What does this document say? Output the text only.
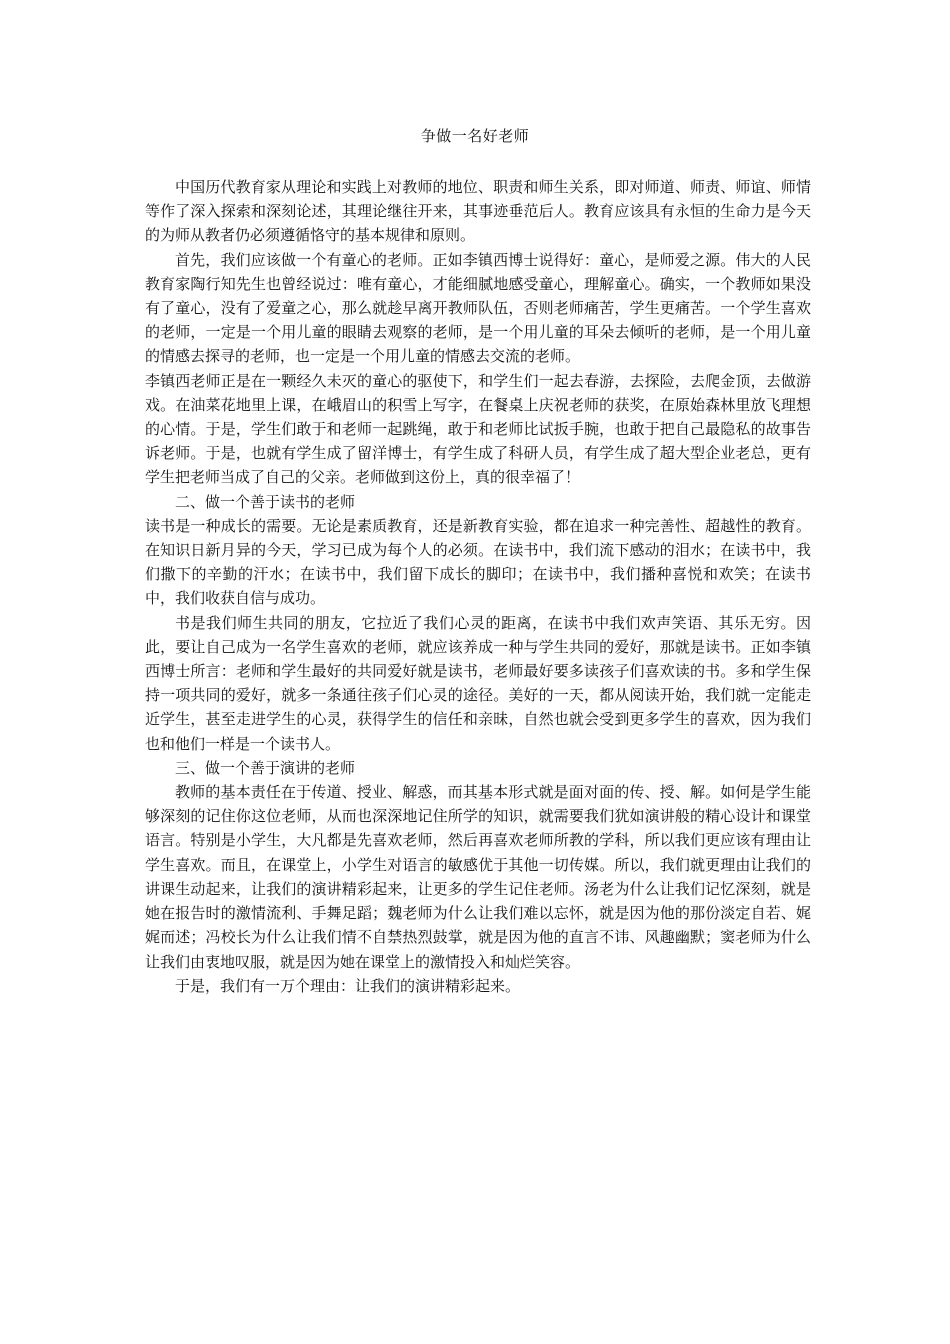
争做一名好老师

中国历代教育家从理论和实践上对教师的地位、职责和师生关系，即对师道、师责、师谊、师情等作了深入探索和深刻论述，其理论继往开来，其事迹垂范后人。教育应该具有永恒的生命力是今天的为师从教者仍必须遵循恪守的基本规律和原则。

首先，我们应该做一个有童心的老师。正如李镇西博士说得好：童心，是师爱之源。伟大的人民教育家陶行知先生也曾经说过：唯有童心，才能细腻地感受童心，理解童心。确实，一个教师如果没有了童心，没有了爱童之心，那么就趁早离开教师队伍，否则老师痛苦，学生更痛苦。一个学生喜欢的老师，一定是一个用儿童的眼睛去观察的老师，是一个用儿童的耳朵去倾听的老师，是一个用儿童的情感去探寻的老师，也一定是一个用儿童的情感去交流的老师。

李镇西老师正是在一颗经久未灭的童心的驱使下，和学生们一起去春游，去探险，去爬金顶，去做游戏。在油菜花地里上课，在峨眉山的积雪上写字，在餐桌上庆祝老师的获奖，在原始森林里放飞理想的心情。于是，学生们敢于和老师一起跳绳，敢于和老师比试扳手腕，也敢于把自己最隐私的故事告诉老师。于是，也就有学生成了留洋博士，有学生成了科研人员，有学生成了超大型企业老总，更有学生把老师当成了自己的父亲。老师做到这份上，真的很幸福了！

二、做一个善于读书的老师

读书是一种成长的需要。无论是素质教育，还是新教育实验，都在追求一种完善性、超越性的教育。在知识日新月异的今天，学习已成为每个人的必须。在读书中，我们流下感动的泪水；在读书中，我们撒下的辛勤的汗水；在读书中，我们留下成长的脚印；在读书中，我们播种喜悦和欢笑；在读书中，我们收获自信与成功。

书是我们师生共同的朋友，它拉近了我们心灵的距离，在读书中我们欢声笑语、其乐无穷。因此，要让自己成为一名学生喜欢的老师，就应该养成一种与学生共同的爱好，那就是读书。正如李镇西博士所言：老师和学生最好的共同爱好就是读书，老师最好要多读孩子们喜欢读的书。多和学生保持一项共同的爱好，就多一条通往孩子们心灵的途径。美好的一天，都从阅读开始，我们就一定能走近学生，甚至走进学生的心灵，获得学生的信任和亲昧，自然也就会受到更多学生的喜欢，因为我们也和他们一样是一个读书人。

三、做一个善于演讲的老师

教师的基本责任在于传道、授业、解惑，而其基本形式就是面对面的传、授、解。如何是学生能够深刻的记住你这位老师，从而也深深地记住所学的知识，就需要我们犹如演讲般的精心设计和课堂语言。特别是小学生，大凡都是先喜欢老师，然后再喜欢老师所教的学科，所以我们更应该有理由让学生喜欢。而且，在课堂上，小学生对语言的敏感优于其他一切传媒。所以，我们就更理由让我们的讲课生动起来，让我们的演讲精彩起来，让更多的学生记住老师。汤老为什么让我们记忆深刻，就是她在报告时的激情流利、手舞足蹈；魏老师为什么让我们难以忘怀，就是因为他的那份淡定自若、娓娓而述；冯校长为什么让我们情不自禁热烈鼓掌，就是因为他的直言不讳、风趣幽默；窦老师为什么让我们由衷地叹服，就是因为她在课堂上的激情投入和灿烂笑容。

于是，我们有一万个理由：让我们的演讲精彩起来。
